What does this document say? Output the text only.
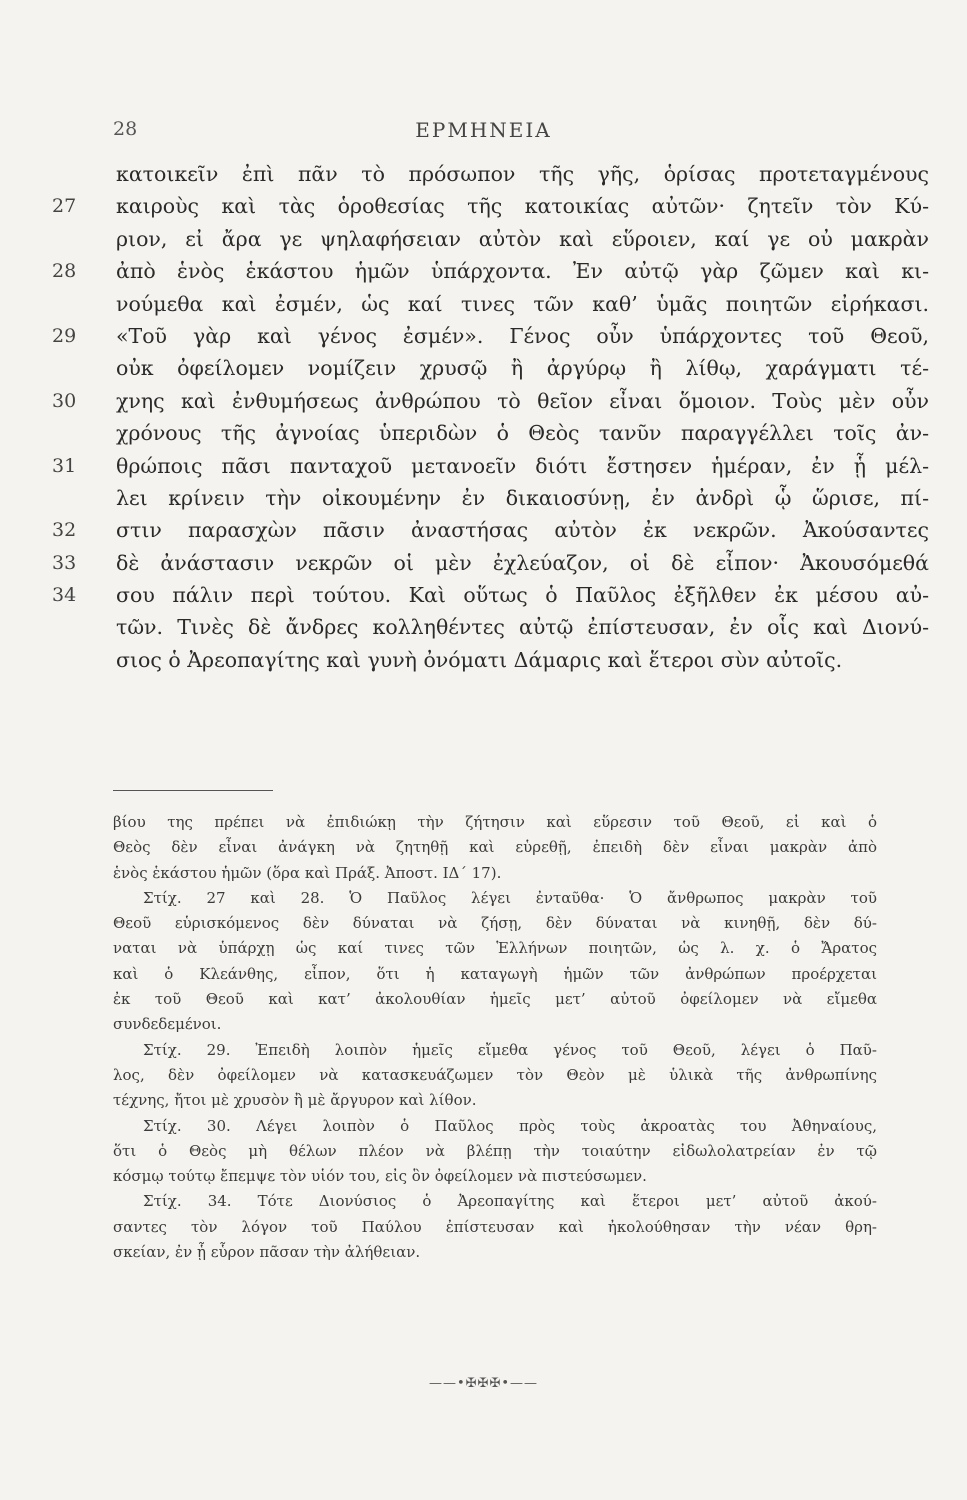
28	ΕΡΜΗΝΕΙΑ
κατοικεῖν ἐπὶ πᾶν τὸ πρόσωπον τῆς γῆς, ὁρίσας προτεταγμένους
27	καιροὺς καὶ τὰς ὁροθεσίας τῆς κατοικίας αὐτῶν· ζητεῖν τὸν Κύ-
ριον, εἰ ἄρα γε ψηλαφήσειαν αὐτὸν καὶ εὕροιεν, καί γε οὐ μακρὰν
28	ἀπὸ ἑνὸς ἑκάστου ἡμῶν ὑπάρχοντα. Ἐν αὐτῷ γὰρ ζῶμεν καὶ κι-
νούμεθα καὶ ἐσμέν, ὡς καί τινες τῶν καθ’ ὑμᾶς ποιητῶν εἰρήκασι.
29	«Τοῦ γὰρ καὶ γένος ἐσμέν». Γένος οὖν ὑπάρχοντες τοῦ Θεοῦ,
οὐκ ὀφείλομεν νομίζειν χρυσῷ ἢ ἀργύρῳ ἢ λίθῳ, χαράγματι τέ-
30	χνης καὶ ἐνθυμήσεως ἀνθρώπου τὸ θεῖον εἶναι ὅμοιον. Τοὺς μὲν οὖν
χρόνους τῆς ἀγνοίας ὑπεριδὼν ὁ Θεὸς τανῦν παραγγέλλει τοῖς ἀν-
31	θρώποις πᾶσι πανταχοῦ μετανοεῖν διότι ἔστησεν ἡμέραν, ἐν ᾗ μέλ-
λει κρίνειν τὴν οἰκουμένην ἐν δικαιοσύνῃ, ἐν ἀνδρὶ ᾧ ὥρισε, πί-
32	στιν παρασχὼν πᾶσιν ἀναστήσας αὐτὸν ἐκ νεκρῶν. Ἀκούσαντες
33	δὲ ἀνάστασιν νεκρῶν οἱ μὲν ἐχλεύαζον, οἱ δὲ εἶπον· Ἀκουσόμεθά
34	σου πάλιν περὶ τούτου. Καὶ οὕτως ὁ Παῦλος ἐξῆλθεν ἐκ μέσου αὐ-
τῶν. Τινὲς δὲ ἄνδρες κολληθέντες αὐτῷ ἐπίστευσαν, ἐν οἷς καὶ Διονύ-
σιος ὁ Ἀρεοπαγίτης καὶ γυνὴ ὀνόματι Δάμαρις καὶ ἕτεροι σὺν αὐτοῖς.
βίου της πρέπει νὰ ἐπιδιώκῃ τὴν ζήτησιν καὶ εὕρεσιν τοῦ Θεοῦ, εἰ καὶ ὁ
Θεὸς δὲν εἶναι ἀνάγκη νὰ ζητηθῇ καὶ εὑρεθῇ, ἐπειδὴ δὲν εἶναι μακρὰν ἀπὸ
ἑνὸς ἑκάστου ἡμῶν (ὅρα καὶ Πράξ. Ἀποστ. ΙΔ΄ 17).
Στίχ. 27 καὶ 28. Ὁ Παῦλος λέγει ἐνταῦθα· Ὁ ἄνθρωπος μακρὰν τοῦ
Θεοῦ εὑρισκόμενος δὲν δύναται νὰ ζήσῃ, δὲν δύναται νὰ κινηθῇ, δὲν δύ-
ναται νὰ ὑπάρχῃ ὡς καί τινες τῶν Ἑλλήνων ποιητῶν, ὡς λ. χ. ὁ Ἄρατος
καὶ ὁ Κλεάνθης, εἶπον, ὅτι ἡ καταγωγὴ ἡμῶν τῶν ἀνθρώπων προέρχεται
ἐκ τοῦ Θεοῦ καὶ κατ’ ἀκολουθίαν ἡμεῖς μετ’ αὐτοῦ ὀφείλομεν νὰ εἴμεθα
συνδεδεμένοι.
Στίχ. 29. Ἐπειδὴ λοιπὸν ἡμεῖς εἴμεθα γένος τοῦ Θεοῦ, λέγει ὁ Παῦ-
λος, δὲν ὀφείλομεν νὰ κατασκευάζωμεν τὸν Θεὸν μὲ ὑλικὰ τῆς ἀνθρωπίνης
τέχνης, ἤτοι μὲ χρυσὸν ἢ μὲ ἄργυρον καὶ λίθον.
Στίχ. 30. Λέγει λοιπὸν ὁ Παῦλος πρὸς τοὺς ἀκροατὰς του Ἀθηναίους,
ὅτι ὁ Θεὸς μὴ θέλων πλέον νὰ βλέπῃ τὴν τοιαύτην εἰδωλολατρείαν ἐν τῷ
κόσμῳ τούτῳ ἔπεμψε τὸν υἱόν του, εἰς ὃν ὀφείλομεν νὰ πιστεύσωμεν.
Στίχ. 34. Τότε Διονύσιος ὁ Ἀρεοπαγίτης καὶ ἕτεροι μετ’ αὐτοῦ ἀκού-
σαντες τὸν λόγον τοῦ Παύλου ἐπίστευσαν καὶ ἠκολούθησαν τὴν νέαν θρη-
σκείαν, ἐν ᾗ εὗρον πᾶσαν τὴν ἀλήθειαν.
——•✠✠✠•——
